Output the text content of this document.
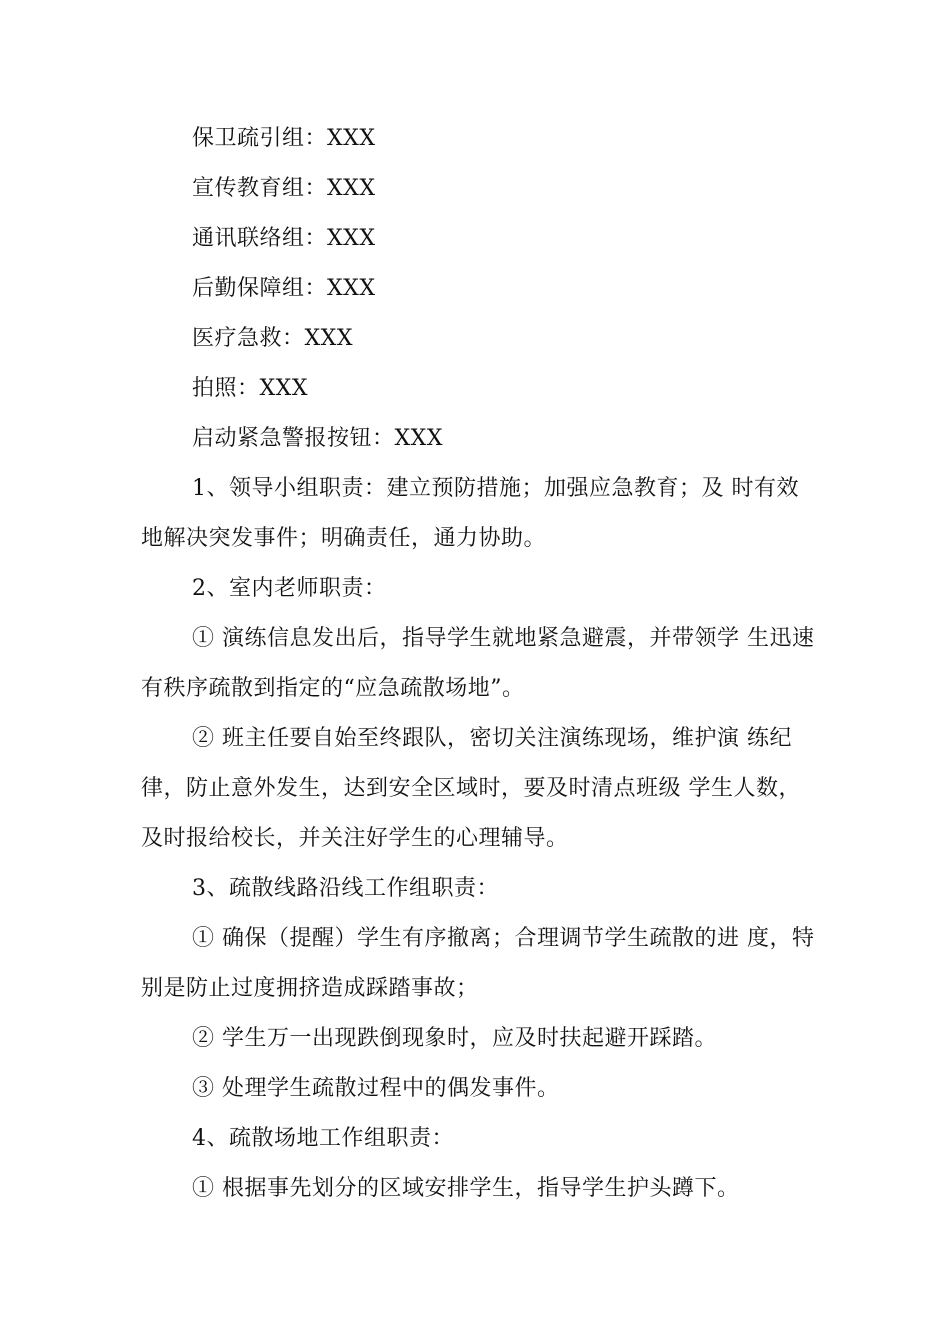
保卫疏引组：XXX

宣传教育组：XXX

通讯联络组：XXX

后勤保障组：XXX

医疗急救：XXX

拍照：XXX

启动紧急警报按钮：XXX

1、领导小组职责：建立预防措施；加强应急教育；及 时有效

地解决突发事件；明确责任，通力协助。

2、室内老师职责：

① 演练信息发出后，指导学生就地紧急避震，并带领学 生迅速

有秩序疏散到指定的“应急疏散场地”。

② 班主任要自始至终跟队，密切关注演练现场，维护演 练纪

律，防止意外发生，达到安全区域时，要及时清点班级 学生人数，

及时报给校长，并关注好学生的心理辅导。

3、疏散线路沿线工作组职责：

① 确保（提醒）学生有序撤离；合理调节学生疏散的进 度，特

别是防止过度拥挤造成踩踏事故；

② 学生万一出现跌倒现象时，应及时扶起避开踩踏。

③ 处理学生疏散过程中的偶发事件。

4、疏散场地工作组职责：

① 根据事先划分的区域安排学生，指导学生护头蹲下。
